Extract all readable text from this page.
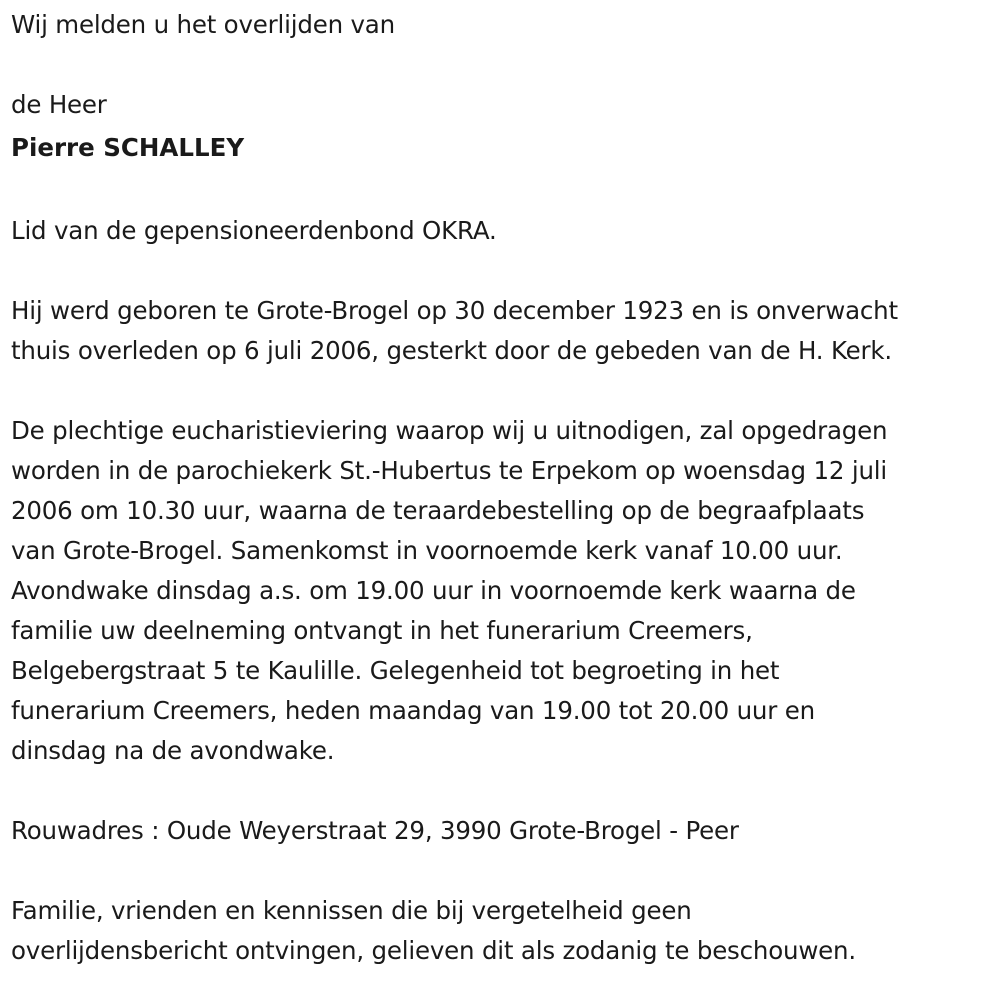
Wij melden u het overlijden van
de Heer
Pierre SCHALLEY
Lid van de gepensioneerdenbond OKRA.
Hij werd geboren te Grote-Brogel op 30 december 1923 en is onverwacht
thuis overleden op 6 juli 2006, gesterkt door de gebeden van de H. Kerk.
De plechtige eucharistieviering waarop wij u uitnodigen, zal opgedragen
worden in de parochiekerk St.-Hubertus te Erpekom op woensdag 12 juli
2006 om 10.30 uur, waarna de teraardebestelling op de begraafplaats
van Grote-Brogel. Samenkomst in voornoemde kerk vanaf 10.00 uur.
Avondwake dinsdag a.s. om 19.00 uur in voornoemde kerk waarna de
familie uw deelneming ontvangt in het funerarium Creemers,
Belgebergstraat 5 te Kaulille. Gelegenheid tot begroeting in het
funerarium Creemers, heden maandag van 19.00 tot 20.00 uur en
dinsdag na de avondwake.
Rouwadres : Oude Weyerstraat 29, 3990 Grote-Brogel - Peer
Familie, vrienden en kennissen die bij vergetelheid geen
overlijdensbericht ontvingen, gelieven dit als zodanig te beschouwen.
